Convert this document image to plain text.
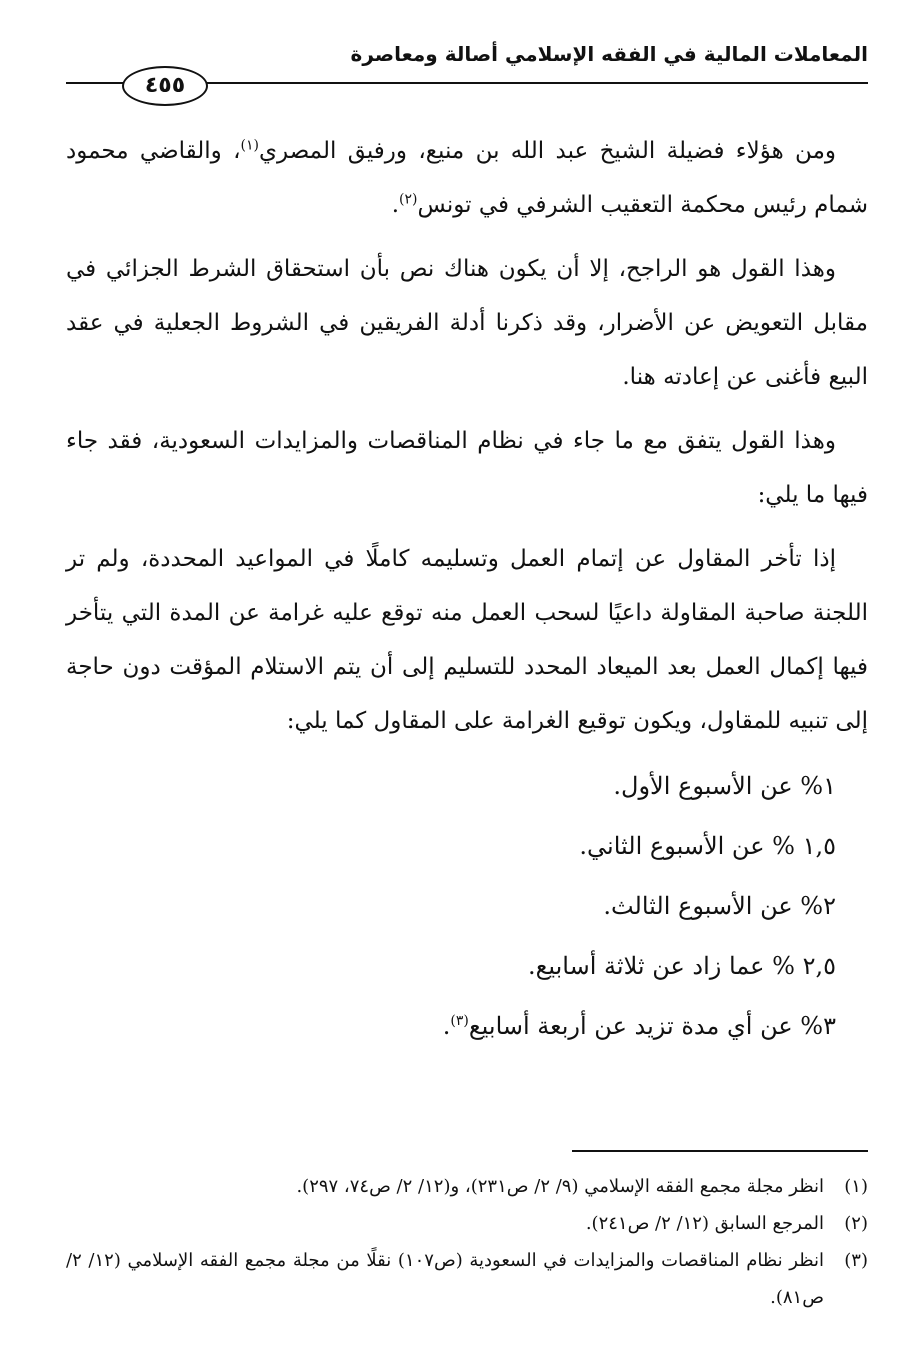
المعاملات المالية في الفقه الإسلامي أصالة ومعاصرة
٤٥٥

ومن هؤلاء فضيلة الشيخ عبد الله بن منيع، ورفيق المصري$^{(١)}$، والقاضي محمود شمام رئيس محكمة التعقيب الشرفي في تونس$^{(٢)}$.

وهذا القول هو الراجح، إلا أن يكون هناك نص بأن استحقاق الشرط الجزائي في مقابل التعويض عن الأضرار، وقد ذكرنا أدلة الفريقين في الشروط الجعلية في عقد البيع فأغنى عن إعادته هنا.

وهذا القول يتفق مع ما جاء في نظام المناقصات والمزايدات السعودية، فقد جاء فيها ما يلي:

إذا تأخر المقاول عن إتمام العمل وتسليمه كاملًا في المواعيد المحددة، ولم تر اللجنة صاحبة المقاولة داعيًا لسحب العمل منه توقع عليه غرامة عن المدة التي يتأخر فيها إكمال العمل بعد الميعاد المحدد للتسليم إلى أن يتم الاستلام المؤقت دون حاجة إلى تنبيه للمقاول، ويكون توقيع الغرامة على المقاول كما يلي:

١% عن الأسبوع الأول.
١,٥ % عن الأسبوع الثاني.
٢% عن الأسبوع الثالث.
٢,٥ % عما زاد عن ثلاثة أسابيع.
٣% عن أي مدة تزيد عن أربعة أسابيع$^{(٣)}$.
(١)
انظر مجلة مجمع الفقه الإسلامي (٩/ ٢/ ص٢٣١)، و(١٢/ ٢/ ص٧٤، ٢٩٧).
(٢)
المرجع السابق (١٢/ ٢/ ص٢٤١).
(٣)
انظر نظام المناقصات والمزايدات في السعودية (ص١٠٧) نقلًا من مجلة مجمع الفقه الإسلامي (١٢/ ٢/ ص٨١).
